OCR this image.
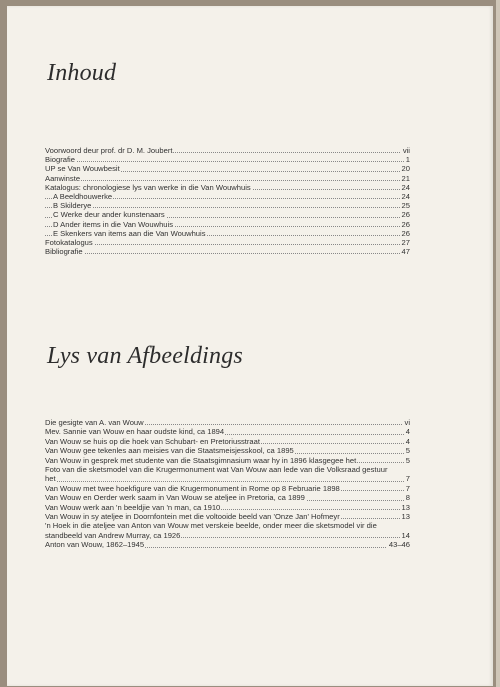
Inhoud
Voorwoord deur prof. dr D. M. Joubert	vii
Biografie	1
UP se Van Wouwbesit	20
Aanwinste	21
Katalogus: chronologiese lys van werke in die Van Wouwhuis	24
A Beeldhouwerke	24
B Skilderye	25
C Werke deur ander kunstenaars	26
D Ander items in die Van Wouwhuis	26
E Skenkers van items aan die Van Wouwhuis	26
Fotokatalogus	27
Bibliografie	47
Lys van Afbeeldings
Die gesigte van A. van Wouw	vi
Mev. Sannie van Wouw en haar oudste kind, ca 1894	4
Van Wouw se huis op die hoek van Schubart- en Pretoriusstraat	4
Van Wouw gee tekenles aan meisies van die Staatsmeisjesskool, ca 1895	5
Van Wouw in gesprek met studente van die Staatsgimnasium waar hy in 1896 klasgegee het	5
Foto van die sketsmodel van die Krugermonument wat Van Wouw aan lede van die Volksraad gestuur het	7
Van Wouw met twee hoekfigure van die Krugermonument in Rome op 8 Februarie 1898	7
Van Wouw en Oerder werk saam in Van Wouw se ateljee in Pretoria, ca 1899	8
Van Wouw werk aan 'n beeldjie van 'n man, ca 1910	13
Van Wouw in sy ateljee in Doornfontein met die voltooide beeld van 'Onze Jan' Hofmeyr	13
'n Hoek in die ateljee van Anton van Wouw met verskeie beelde, onder meer die sketsmodel vir die standbeeld van Andrew Murray, ca 1926	14
Anton van Wouw, 1862–1945	43–46
